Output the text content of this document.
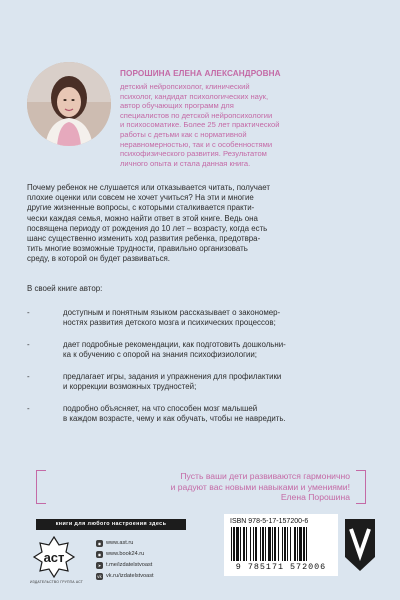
ПОРОШИНА ЕЛЕНА АЛЕКСАНДРОВНА
детский нейропсихолог, клинический
психолог, кандидат психологических наук,
автор обучающих программ для
специалистов по детской нейропсихологии
и психосоматике. Более 25 лет практической
работы с детьми как с нормативной
неравномерностью, так и с особенностями
психофизического развития. Результатом
личного опыта и стала данная книга.
Почему ребенок не слушается или отказывается читать, получает
плохие оценки или совсем не хочет учиться? На эти и многие
другие жизненные вопросы, с которыми сталкивается практи-
чески каждая семья, можно найти ответ в этой книге. Ведь она
посвящена периоду от рождения до 10 лет – возрасту, когда есть
шанс существенно изменить ход развития ребенка, предотвра-
тить многие возможные трудности, правильно организовать
среду, в которой он будет развиваться.
В своей книге автор:
-	доступным и понятным языком рассказывает о закономер-
ностях развития детского мозга и психических процессов;
-	дает подробные рекомендации, как подготовить дошкольни-
ка к обучению с опорой на знания психофизиологии;
-	предлагает игры, задания и упражнения для профилактики
и коррекции возможных трудностей;
-	подробно объясняет, на что способен мозг малышей
в каждом возрасте, чему и как обучать, чтобы не навредить.
Пусть ваши дети развиваются гармонично
и радуют вас новыми навыками и умениями!
Елена Порошина
книги для любого настроения здесь
аст
ИЗДАТЕЛЬСТВО ГРУППА АСТ
◉ www.ast.ru
◉ www.book24.ru
➤ t.me/izdatelstvoast
vk vk.ru/izdatelstvoast
ISBN 978-5-17-157200-6
9 785171 572006
